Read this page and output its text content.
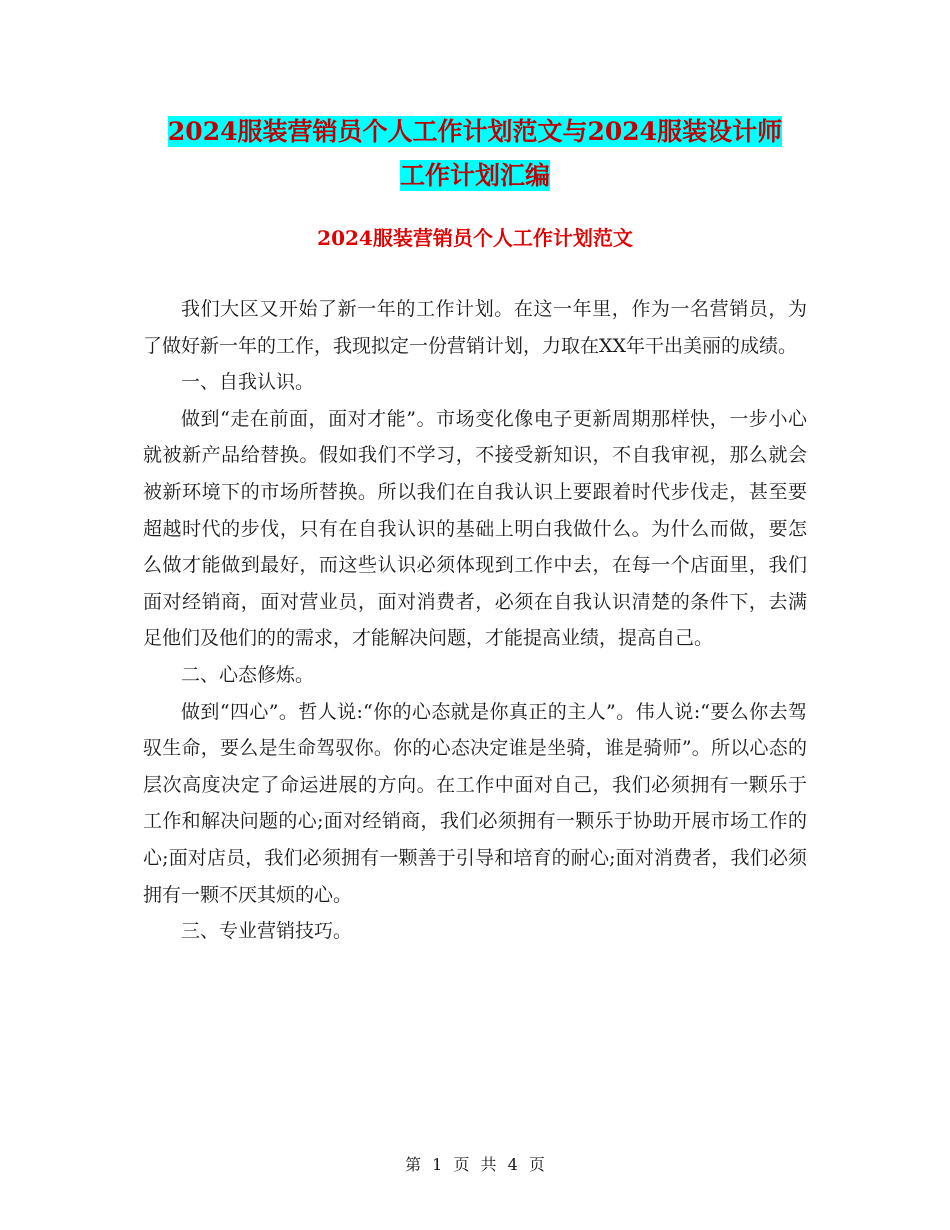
2024服装营销员个人工作计划范文与2024服装设计师
工作计划汇编
2024服装营销员个人工作计划范文

我们大区又开始了新一年的工作计划。在这一年里，作为一名营销员，为了做好新一年的工作，我现拟定一份营销计划，力取在XX年干出美丽的成绩。

一、自我认识。

做到“走在前面，面对才能”。市场变化像电子更新周期那样快，一步小心就被新产品给替换。假如我们不学习，不接受新知识，不自我审视，那么就会被新环境下的市场所替换。所以我们在自我认识上要跟着时代步伐走，甚至要超越时代的步伐，只有在自我认识的基础上明白我做什么。为什么而做，要怎么做才能做到最好，而这些认识必须体现到工作中去，在每一个店面里，我们面对经销商，面对营业员，面对消费者，必须在自我认识清楚的条件下，去满足他们及他们的的需求，才能解决问题，才能提高业绩，提高自己。

二、心态修炼。

做到“四心”。哲人说:“你的心态就是你真正的主人”。伟人说:“要么你去驾驭生命，要么是生命驾驭你。你的心态决定谁是坐骑，谁是骑师”。所以心态的层次高度决定了命运进展的方向。在工作中面对自己，我们必须拥有一颗乐于工作和解决问题的心;面对经销商，我们必须拥有一颗乐于协助开展市场工作的心;面对店员，我们必须拥有一颗善于引导和培育的耐心;面对消费者，我们必须拥有一颗不厌其烦的心。

三、专业营销技巧。

第 1 页 共 4 页
